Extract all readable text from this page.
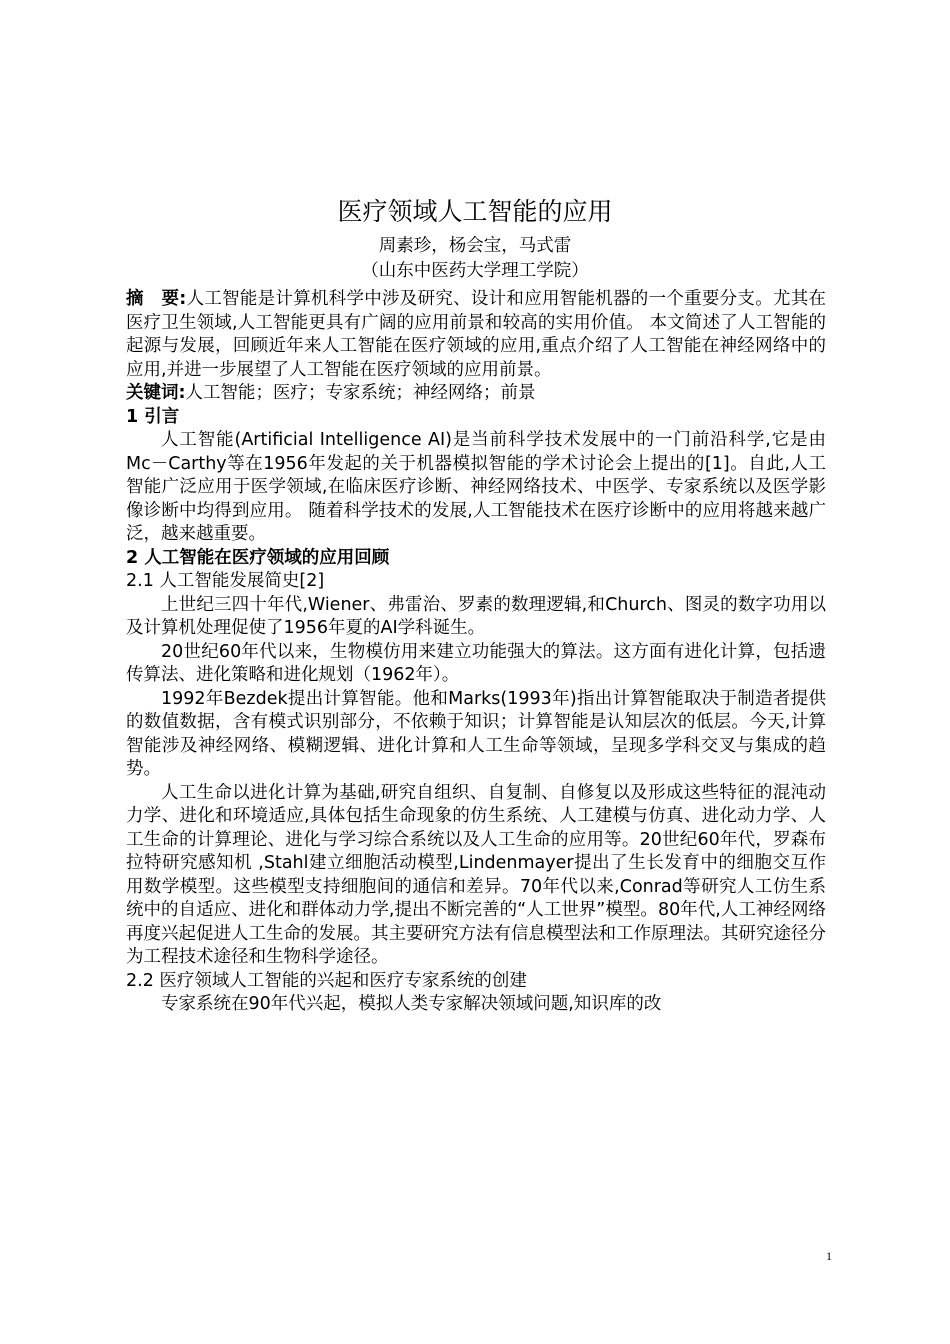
医疗领域人工智能的应用
周素珍，杨会宝，马式雷
（山东中医药大学理工学院）

摘　要:人工智能是计算机科学中涉及研究、设计和应用智能机器的一个重要分支。尤其在医疗卫生领域,人工智能更具有广阔的应用前景和较高的实用价值。 本文简述了人工智能的起源与发展，回顾近年来人工智能在医疗领域的应用,重点介绍了人工智能在神经网络中的应用,并进一步展望了人工智能在医疗领域的应用前景。

关键词:人工智能；医疗；专家系统；神经网络；前景

1 引言

人工智能(Artificial Intelligence AI)是当前科学技术发展中的一门前沿科学,它是由Mc－Carthy等在1956年发起的关于机器模拟智能的学术讨论会上提出的[1]。自此,人工智能广泛应用于医学领域,在临床医疗诊断、神经网络技术、中医学、专家系统以及医学影像诊断中均得到应用。 随着科学技术的发展,人工智能技术在医疗诊断中的应用将越来越广泛，越来越重要。

2 人工智能在医疗领域的应用回顾

2.1 人工智能发展简史[2]

上世纪三四十年代,Wiener、弗雷治、罗素的数理逻辑,和Church、图灵的数字功用以及计算机处理促使了1956年夏的AI学科诞生。

20世纪60年代以来，生物模仿用来建立功能强大的算法。这方面有进化计算，包括遗传算法、进化策略和进化规划（1962年）。

1992年Bezdek提出计算智能。他和Marks(1993年)指出计算智能取决于制造者提供的数值数据，含有模式识别部分，不依赖于知识；计算智能是认知层次的低层。今天,计算智能涉及神经网络、模糊逻辑、进化计算和人工生命等领域，呈现多学科交叉与集成的趋势。

人工生命以进化计算为基础,研究自组织、自复制、自修复以及形成这些特征的混沌动力学、进化和环境适应,具体包括生命现象的仿生系统、人工建模与仿真、进化动力学、人工生命的计算理论、进化与学习综合系统以及人工生命的应用等。20世纪60年代，罗森布拉特研究感知机 ,Stahl建立细胞活动模型,Lindenmayer提出了生长发育中的细胞交互作用数学模型。这些模型支持细胞间的通信和差异。70年代以来,Conrad等研究人工仿生系统中的自适应、进化和群体动力学,提出不断完善的“人工世界”模型。80年代,人工神经网络再度兴起促进人工生命的发展。其主要研究方法有信息模型法和工作原理法。其研究途径分为工程技术途径和生物科学途径。

2.2 医疗领域人工智能的兴起和医疗专家系统的创建

专家系统在90年代兴起，模拟人类专家解决领域问题,知识库的改

1
